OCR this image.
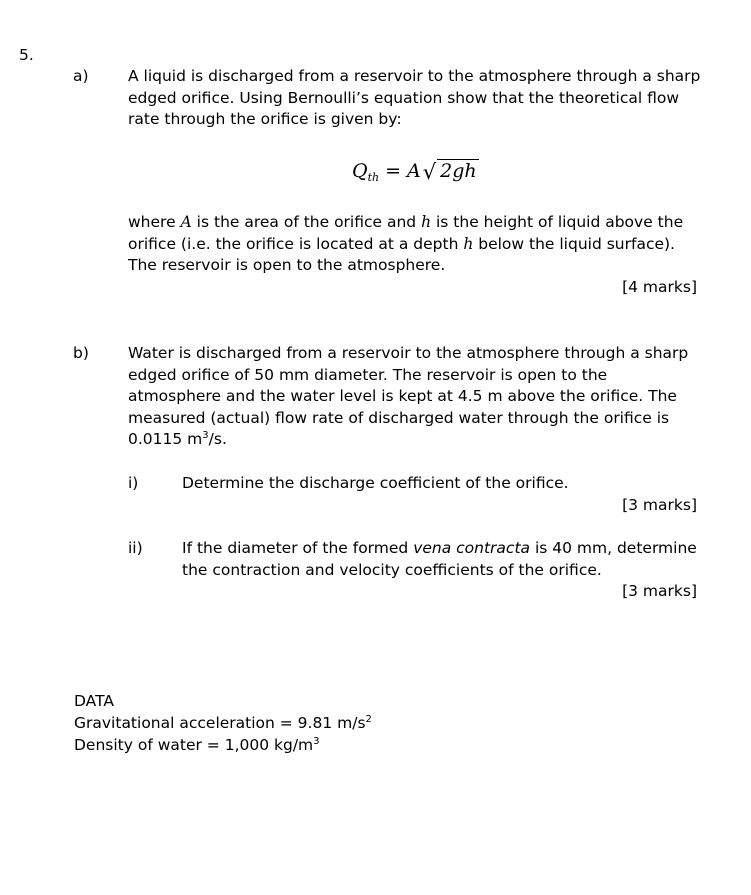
5.
a)	A liquid is discharged from a reservoir to the atmosphere through a sharp edged orifice. Using Bernoulli’s equation show that the theoretical flow rate through the orifice is given by:
$Q_{th} = A√$ 2gh
where A is the area of the orifice and h is the height of liquid above the orifice (i.e. the orifice is located at a depth h below the liquid surface). The reservoir is open to the atmosphere.
[4 marks]
b)	Water is discharged from a reservoir to the atmosphere through a sharp edged orifice of 50 mm diameter. The reservoir is open to the atmosphere and the water level is kept at 4.5 m above the orifice. The measured (actual) flow rate of discharged water through the orifice is 0.0115 $m^3/s$.
i)	Determine the discharge coefficient of the orifice.
[3 marks]
ii)	If the diameter of the formed vena contracta is 40 mm, determine the contraction and velocity coefficients of the orifice.
[3 marks]
DATA
Gravitational acceleration = 9.81 $m/s^2$
Density of water = 1,000 $kg/m^3$
